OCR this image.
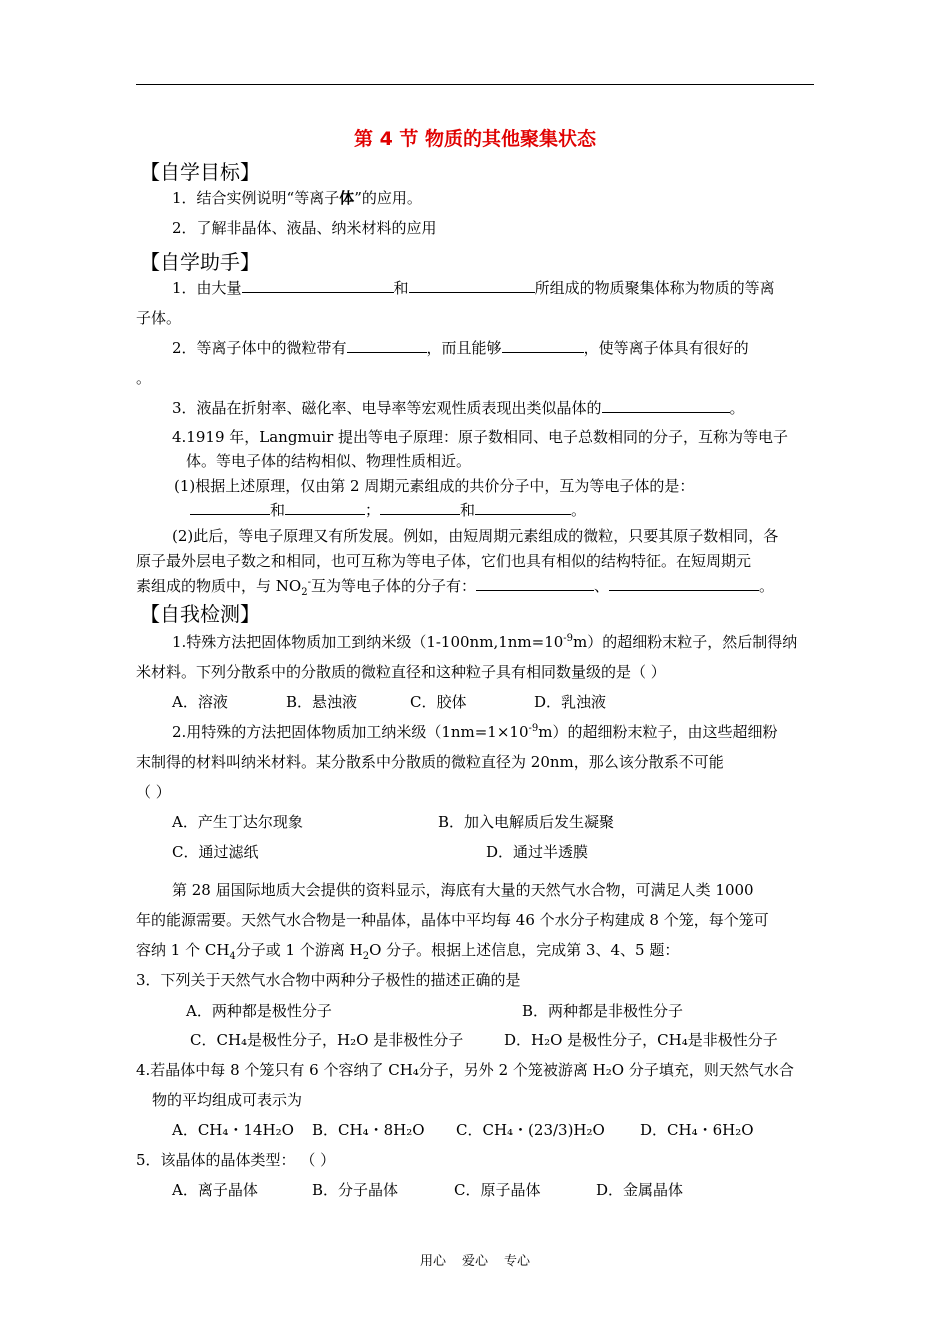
第 4 节 物质的其他聚集状态
【自学目标】
1．结合实例说明“等离子体”的应用。
2．了解非晶体、液晶、纳米材料的应用
【自学助手】
1．由大量	和	所组成的物质聚集体称为物质的等离
子体。
2．等离子体中的微粒带有	，而且能够	，使等离子体具有很好的
。
3．液晶在折射率、磁化率、电导率等宏观性质表现出类似晶体的	。
4.1919 年，Langmuir 提出等电子原理：原子数相同、电子总数相同的分子，互称为等电子
体。等电子体的结构相似、物理性质相近。
(1)根据上述原理，仅由第 2 周期元素组成的共价分子中，互为等电子体的是：
和	；	和	。
(2)此后，等电子原理又有所发展。例如，由短周期元素组成的微粒，只要其原子数相同，各
原子最外层电子数之和相同，也可互称为等电子体，它们也具有相似的结构特征。在短周期元
素组成的物质中，与 $NO_2^-$互为等电子体的分子有：	、	。
【自我检测】
1.特殊方法把固体物质加工到纳米级$(1-100nm,1nm=10^{-9}m)$的超细粉末粒子，然后制得纳
米材料。下列分散系中的分散质的微粒直径和这种粒子具有相同数量级的是（ ）
A．溶液	B．悬浊液	C．胶体	D．乳浊液
2.用特殊的方法把固体物质加工纳米级$(1nm=1\times 10^{-9}m)$的超细粉末粒子，由这些超细粉
末制得的材料叫纳米材料。某分散系中分散质的微粒直径为 20nm，那么该分散系不可能
（ ）
A．产生丁达尔现象	B．加入电解质后发生凝聚
C．通过滤纸	D．通过半透膜
第 28 届国际地质大会提供的资料显示，海底有大量的天然气水合物，可满足人类 1000
年的能源需要。天然气水合物是一种晶体，晶体中平均每 46 个水分子构建成 8 个笼，每个笼可
容纳 1 个 $CH_4$分子或 1 个游离 $H_2O$ 分子。根据上述信息，完成第 3、4、5 题：
3．下列关于天然气水合物中两种分子极性的描述正确的是
A．两种都是极性分子	B．两种都是非极性分子
C．CH₄是极性分子，H₂O 是非极性分子	D．H₂O 是极性分子，CH₄是非极性分子
4.若晶体中每 8 个笼只有 6 个容纳了 CH₄分子，另外 2 个笼被游离 H₂O 分子填充，则天然气水合
物的平均组成可表示为
A．CH₄・14H₂O B．CH₄・8H₂O C．CH₄・(23/3)H₂O D．CH₄・6H₂O
5．该晶体的晶体类型： （ ）
A．离子晶体	B．分子晶体	C．原子晶体	D．金属晶体
用心 爱心 专心
